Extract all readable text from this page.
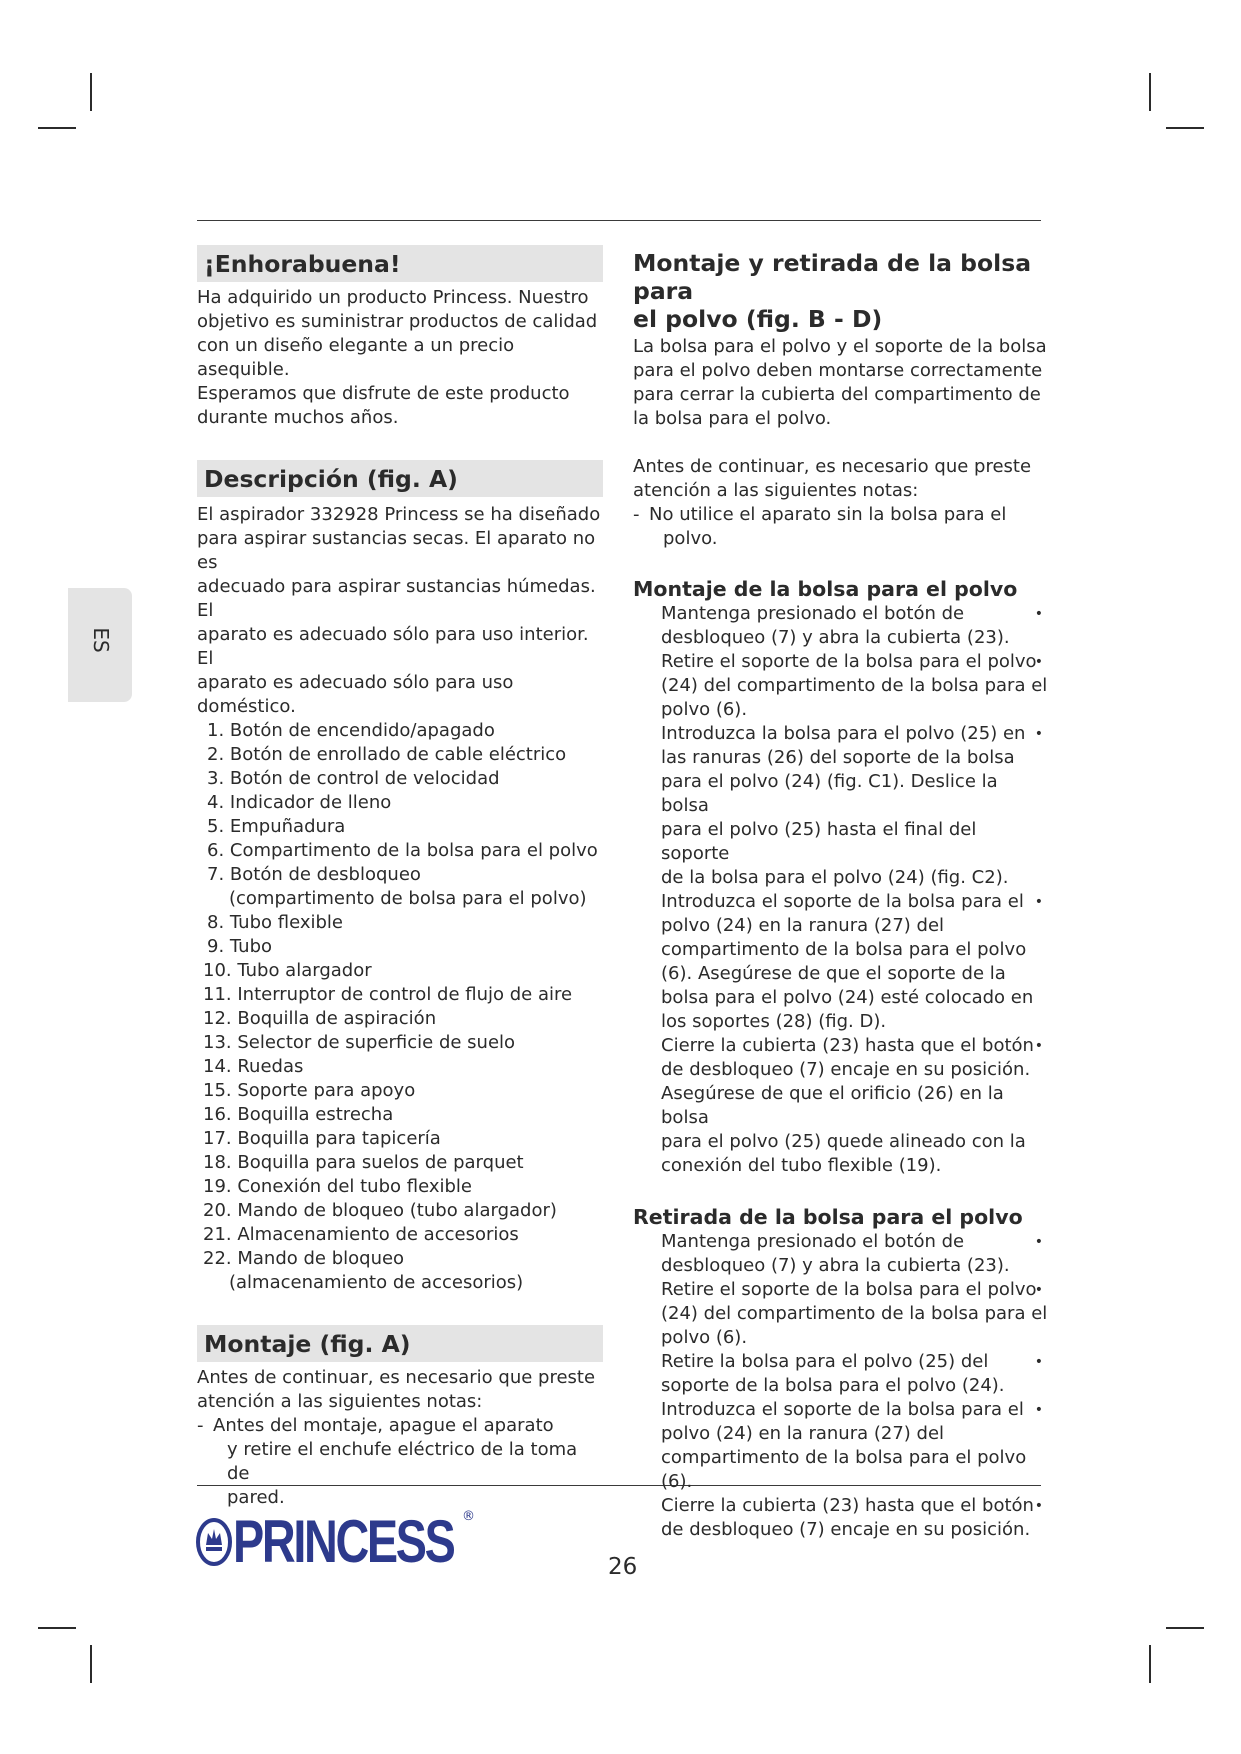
ES
¡Enhorabuena!

Ha adquirido un producto Princess. Nuestro
objetivo es suministrar productos de calidad
con un diseño elegante a un precio asequible.
Esperamos que disfrute de este producto
durante muchos años.

Descripción (fig. A)

El aspirador 332928 Princess se ha diseñado
para aspirar sustancias secas. El aparato no es
adecuado para aspirar sustancias húmedas. El
aparato es adecuado sólo para uso interior. El
aparato es adecuado sólo para uso doméstico.

1. Botón de encendido/apagado
2. Botón de enrollado de cable eléctrico
3. Botón de control de velocidad
4. Indicador de lleno
5. Empuñadura
6. Compartimento de la bolsa para el polvo
7. Botón de desbloqueo
(compartimento de bolsa para el polvo)
8. Tubo flexible
9. Tubo
10. Tubo alargador
11. Interruptor de control de flujo de aire
12. Boquilla de aspiración
13. Selector de superficie de suelo
14. Ruedas
15. Soporte para apoyo
16. Boquilla estrecha
17. Boquilla para tapicería
18. Boquilla para suelos de parquet
19. Conexión del tubo flexible
20. Mando de bloqueo (tubo alargador)
21. Almacenamiento de accesorios
22. Mando de bloqueo
(almacenamiento de accesorios)
Montaje (fig. A)

Antes de continuar, es necesario que preste
atención a las siguientes notas:

- Antes del montaje, apague el aparato
y retire el enchufe eléctrico de la toma de
pared.
Montaje y retirada de la bolsa para
el polvo (fig. B - D)

La bolsa para el polvo y el soporte de la bolsa
para el polvo deben montarse correctamente
para cerrar la cubierta del compartimento de
la bolsa para el polvo.

Antes de continuar, es necesario que preste
atención a las siguientes notas:

- No utilice el aparato sin la bolsa para el
polvo.
Montaje de la bolsa para el polvo
Mantenga presionado el botón de
desbloqueo (7) y abra la cubierta (23).
•
Retire el soporte de la bolsa para el polvo
(24) del compartimento de la bolsa para el
polvo (6).
•
Introduzca la bolsa para el polvo (25) en
las ranuras (26) del soporte de la bolsa
para el polvo (24) (fig. C1). Deslice la bolsa
para el polvo (25) hasta el final del soporte
de la bolsa para el polvo (24) (fig. C2).
•
Introduzca el soporte de la bolsa para el
polvo (24) en la ranura (27) del
compartimento de la bolsa para el polvo
(6). Asegúrese de que el soporte de la
bolsa para el polvo (24) esté colocado en
los soportes (28) (fig. D).
•
Cierre la cubierta (23) hasta que el botón
de desbloqueo (7) encaje en su posición.
•
Asegúrese de que el orificio (26) en la bolsa
para el polvo (25) quede alineado con la
conexión del tubo flexible (19).
Retirada de la bolsa para el polvo
Mantenga presionado el botón de
desbloqueo (7) y abra la cubierta (23).
•
Retire el soporte de la bolsa para el polvo
(24) del compartimento de la bolsa para el
polvo (6).
•
Retire la bolsa para el polvo (25) del
soporte de la bolsa para el polvo (24).
•
Introduzca el soporte de la bolsa para el
polvo (24) en la ranura (27) del
compartimento de la bolsa para el polvo (6).
•
Cierre la cubierta (23) hasta que el botón
de desbloqueo (7) encaje en su posición.
•
PRINCESS ®
26
